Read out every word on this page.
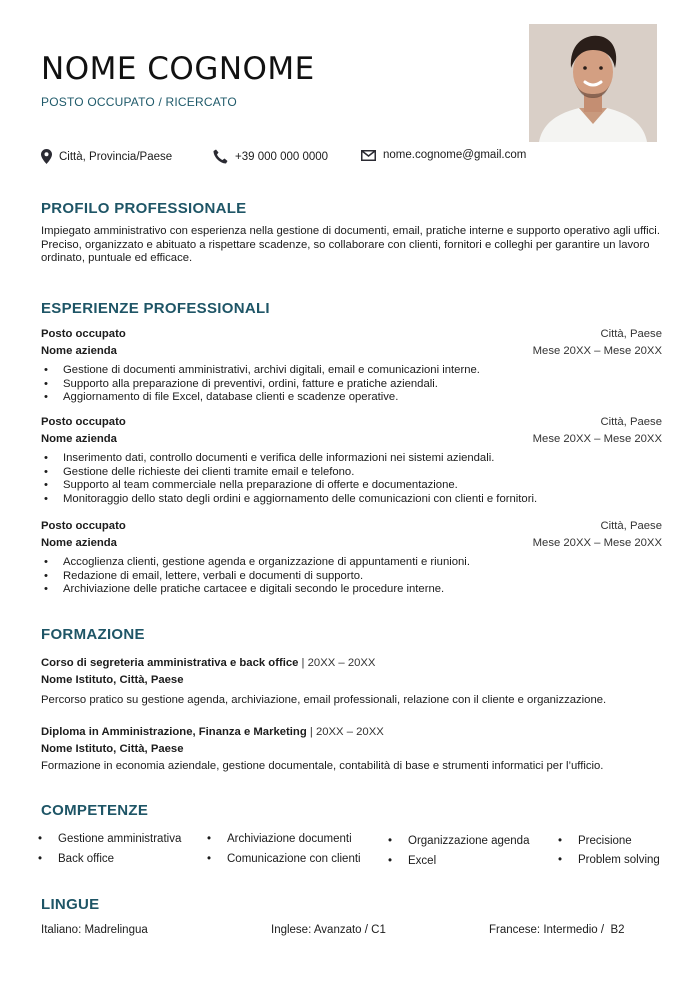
NOME COGNOME
POSTO OCCUPATO / RICERCATO
Città, Provincia/Paese	+39 000 000 0000	nome.cognome@gmail.com
PROFILO PROFESSIONALE
Impiegato amministrativo con esperienza nella gestione di documenti, email, pratiche interne e supporto operativo agli uffici. Preciso, organizzato e abituato a rispettare scadenze, so collaborare con clienti, fornitori e colleghi per garantire un lavoro ordinato, puntuale ed efficace.
ESPERIENZE PROFESSIONALI
Posto occupato	Città, Paese
Nome azienda	Mese 20XX – Mese 20XX
• Gestione di documenti amministrativi, archivi digitali, email e comunicazioni interne.
• Supporto alla preparazione di preventivi, ordini, fatture e pratiche aziendali.
• Aggiornamento di file Excel, database clienti e scadenze operative.
Posto occupato	Città, Paese
Nome azienda	Mese 20XX – Mese 20XX
• Inserimento dati, controllo documenti e verifica delle informazioni nei sistemi aziendali.
• Gestione delle richieste dei clienti tramite email e telefono.
• Supporto al team commerciale nella preparazione di offerte e documentazione.
• Monitoraggio dello stato degli ordini e aggiornamento delle comunicazioni con clienti e fornitori.
Posto occupato	Città, Paese
Nome azienda	Mese 20XX – Mese 20XX
• Accoglienza clienti, gestione agenda e organizzazione di appuntamenti e riunioni.
• Redazione di email, lettere, verbali e documenti di supporto.
• Archiviazione delle pratiche cartacee e digitali secondo le procedure interne.
FORMAZIONE
Corso di segreteria amministrativa e back office | 20XX – 20XX
Nome Istituto, Città, Paese
Percorso pratico su gestione agenda, archiviazione, email professionali, relazione con il cliente e organizzazione.
Diploma in Amministrazione, Finanza e Marketing | 20XX – 20XX
Nome Istituto, Città, Paese
Formazione in economia aziendale, gestione documentale, contabilità di base e strumenti informatici per l’ufficio.
COMPETENZE
• Gestione amministrativa
• Back office
• Archiviazione documenti
• Comunicazione con clienti
• Organizzazione agenda
• Excel
• Precisione
• Problem solving
LINGUE
Italiano: Madrelingua	Inglese: Avanzato / C1	Francese: Intermedio /  B2
